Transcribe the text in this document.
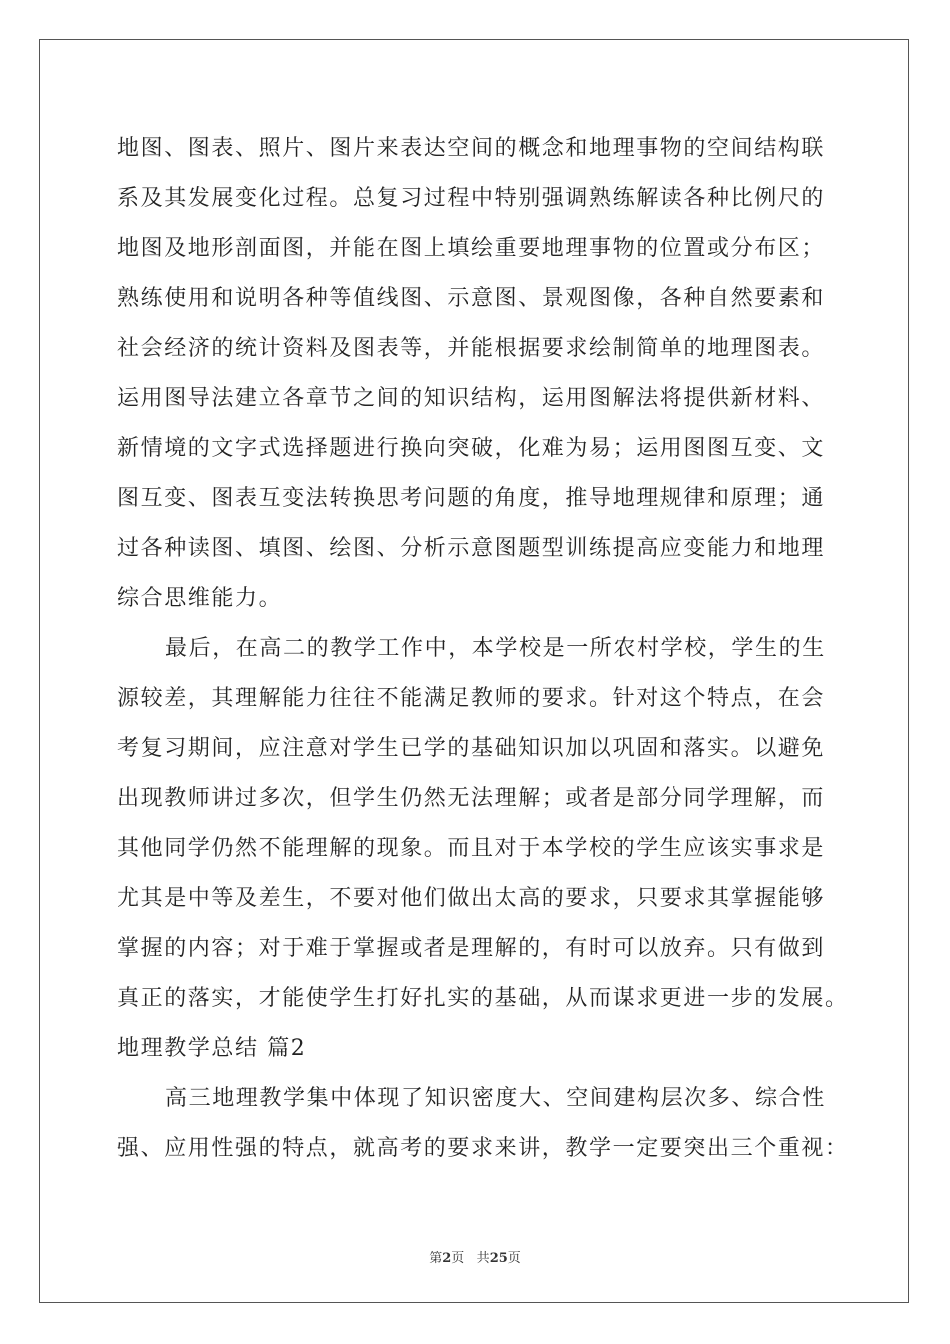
地图、图表、照片、图片来表达空间的概念和地理事物的空间结构联
系及其发展变化过程。总复习过程中特别强调熟练解读各种比例尺的
地图及地形剖面图，并能在图上填绘重要地理事物的位置或分布区；
熟练使用和说明各种等值线图、示意图、景观图像，各种自然要素和
社会经济的统计资料及图表等，并能根据要求绘制简单的地理图表。
运用图导法建立各章节之间的知识结构，运用图解法将提供新材料、
新情境的文字式选择题进行换向突破，化难为易；运用图图互变、文
图互变、图表互变法转换思考问题的角度，推导地理规律和原理；通
过各种读图、填图、绘图、分析示意图题型训练提高应变能力和地理
综合思维能力。
最后，在高二的教学工作中，本学校是一所农村学校，学生的生
源较差，其理解能力往往不能满足教师的要求。针对这个特点，在会
考复习期间，应注意对学生已学的基础知识加以巩固和落实。以避免
出现教师讲过多次，但学生仍然无法理解；或者是部分同学理解，而
其他同学仍然不能理解的现象。而且对于本学校的学生应该实事求是
尤其是中等及差生，不要对他们做出太高的要求，只要求其掌握能够
掌握的内容；对于难于掌握或者是理解的，有时可以放弃。只有做到
真正的落实，才能使学生打好扎实的基础，从而谋求更进一步的发展。
地理教学总结 篇2
高三地理教学集中体现了知识密度大、空间建构层次多、综合性
强、应用性强的特点，就高考的要求来讲，教学一定要突出三个重视：
第2页 共25页
